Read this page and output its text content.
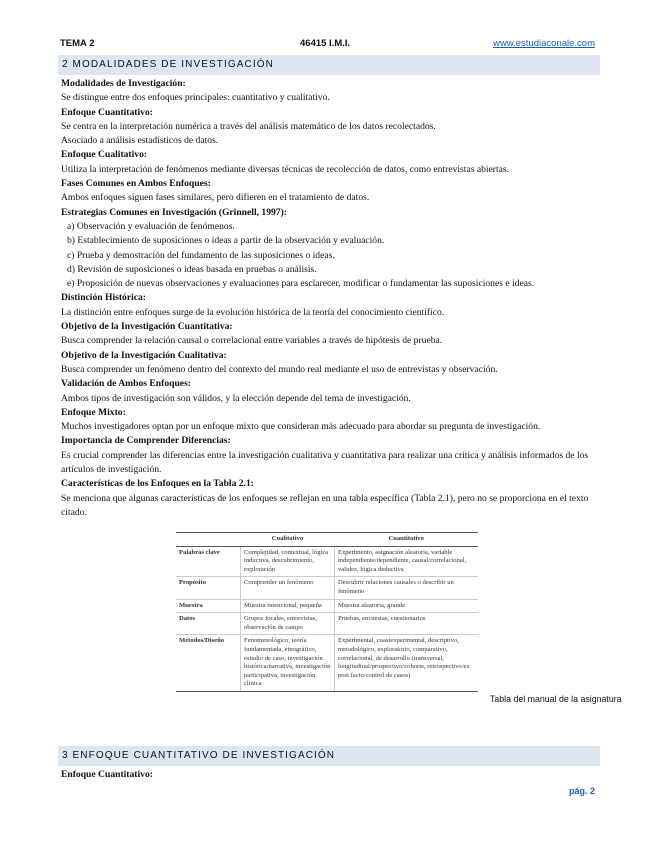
TEMA 2	46415 I.M.I.	www.estudiaconale.com
2 MODALIDADES DE INVESTIGACIÓN

Modalidades de Investigación:

Se distingue entre dos enfoques principales: cuantitativo y cualitativo.

Enfoque Cuantitativo:

Se centra en la interpretación numérica a través del análisis matemático de los datos recolectados.

Asociado a análisis estadísticos de datos.

Enfoque Cualitativo:

Utiliza la interpretación de fenómenos mediante diversas técnicas de recolección de datos, como entrevistas abiertas.

Fases Comunes en Ambos Enfoques:

Ambos enfoques siguen fases similares, pero difieren en el tratamiento de datos.

Estrategias Comunes en Investigación (Grinnell, 1997):

a) Observación y evaluación de fenómenos.

b) Establecimiento de suposiciones o ideas a partir de la observación y evaluación.

c) Prueba y demostración del fundamento de las suposiciones o ideas.

d) Revisión de suposiciones o ideas basada en pruebas o análisis.

e) Proposición de nuevas observaciones y evaluaciones para esclarecer, modificar o fundamentar las suposiciones e ideas.

Distinción Histórica:

La distinción entre enfoques surge de la evolución histórica de la teoría del conocimiento científico.

Objetivo de la Investigación Cuantitativa:

Busca comprender la relación causal o correlacional entre variables a través de hipótesis de prueba.

Objetivo de la Investigación Cualitativa:

Busca comprender un fenómeno dentro del contexto del mundo real mediante el uso de entrevistas y observación.

Validación de Ambos Enfoques:

Ambos tipos de investigación son válidos, y la elección depende del tema de investigación.

Enfoque Mixto:

Muchos investigadores optan por un enfoque mixto que consideran más adecuado para abordar su pregunta de investigación.

Importancia de Comprender Diferencias:

Es crucial comprender las diferencias entre la investigación cualitativa y cuantitativa para realizar una crítica y análisis informados de los artículos de investigación.

Características de los Enfoques en la Tabla 2.1:

Se menciona que algunas características de los enfoques se reflejan en una tabla específica (Tabla 2.1), pero no se proporciona en el texto citado.

	Cualitativo	Cuantitativo
Palabras clave	Complejidad, contextual, lógica inductiva, descubrimiento, exploración	Experimento, asignación aleatoria, variable independiente/dependiente, causal/correlacional, validez, lógica deductiva
Propósito	Comprender un fenómeno	Descubrir relaciones causales o describir un fenómeno
Muestra	Muestra intencional, pequeña	Muestra aleatoria, grande
Datos	Grupos focales, entrevistas, observación de campo	Pruebas, encuestas, cuestionarios
Métodos/Diseño	Fenomenológico, teoría fundamentada, etnográfico, estudio de caso, investigación histórica/narrativa, investigación participativa, investigación clínica	Experimental, cuasiexperimental, descriptivo, metodológico, exploratorio, comparativo, correlacional, de desarrollo (transversal, longitudinal/prospectivo/cohorte, retrospectivo/ex post facto/control de casos)
Tabla del manual de la asignatura
3 ENFOQUE CUANTITATIVO DE INVESTIGACIÓN
Enfoque Cuantitativo:
pág. 2
